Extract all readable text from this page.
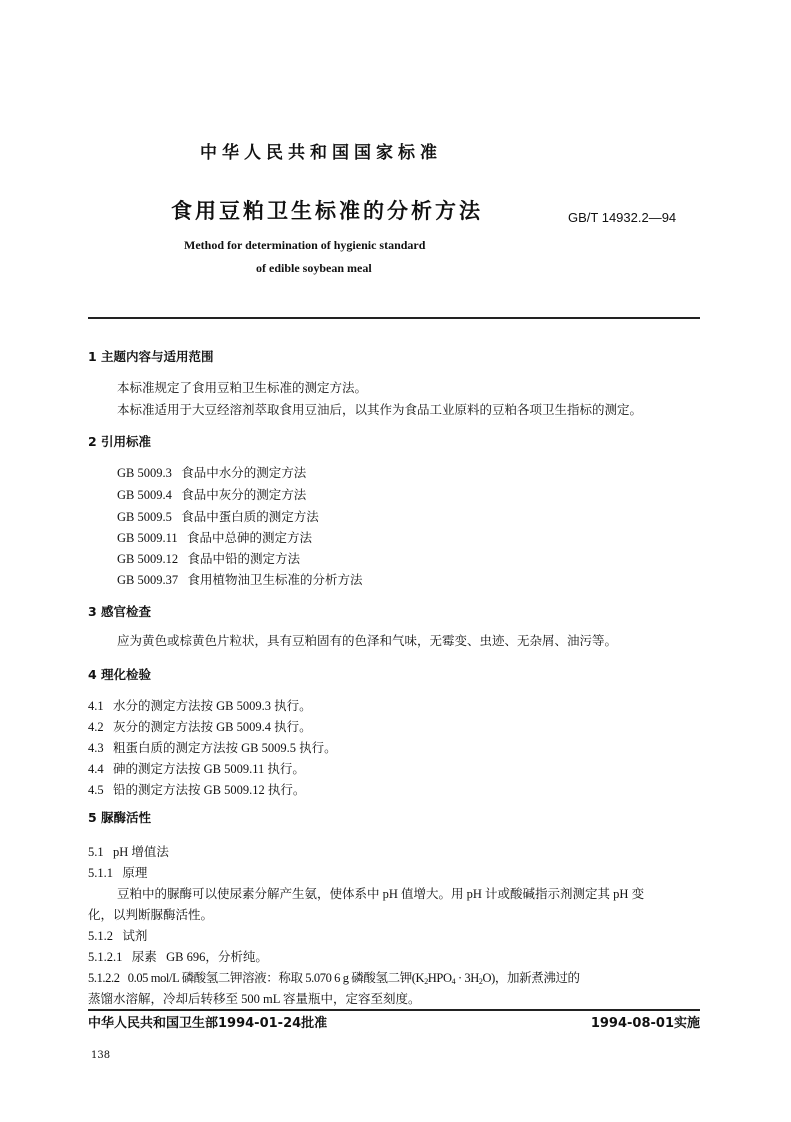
中华人民共和国国家标准
食用豆粕卫生标准的分析方法	GB/T 14932.2—94
Method for determination of hygienic standard
of edible soybean meal
1 主题内容与适用范围
本标准规定了食用豆粕卫生标准的测定方法。
本标准适用于大豆经溶剂萃取食用豆油后，以其作为食品工业原料的豆粕各项卫生指标的测定。
2 引用标准
GB 5009.3   食品中水分的测定方法
GB 5009.4   食品中灰分的测定方法
GB 5009.5   食品中蛋白质的测定方法
GB 5009.11   食品中总砷的测定方法
GB 5009.12   食品中铅的测定方法
GB 5009.37   食用植物油卫生标准的分析方法
3 感官检查
应为黄色或棕黄色片粒状，具有豆粕固有的色泽和气味，无霉变、虫迹、无杂屑、油污等。
4 理化检验
4.1   水分的测定方法按 GB 5009.3 执行。
4.2   灰分的测定方法按 GB 5009.4 执行。
4.3   粗蛋白质的测定方法按 GB 5009.5 执行。
4.4   砷的测定方法按 GB 5009.11 执行。
4.5   铅的测定方法按 GB 5009.12 执行。
5 脲酶活性
5.1   pH 增值法
5.1.1   原理
豆粕中的脲酶可以使尿素分解产生氨，使体系中 pH 值增大。用 pH 计或酸碱指示剂测定其 pH 变
化，以判断脲酶活性。
5.1.2   试剂
5.1.2.1   尿素   GB 696，分析纯。
5.1.2.2   0.05 mol/L 磷酸氢二钾溶液：称取 5.070 6 g 磷酸氢二钾$(K_2HPO_4 \cdot 3H_2O)$，加新煮沸过的
蒸馏水溶解，冷却后转移至 500 mL 容量瓶中，定容至刻度。
中华人民共和国卫生部1994-01-24批准	1994-08-01实施
138
